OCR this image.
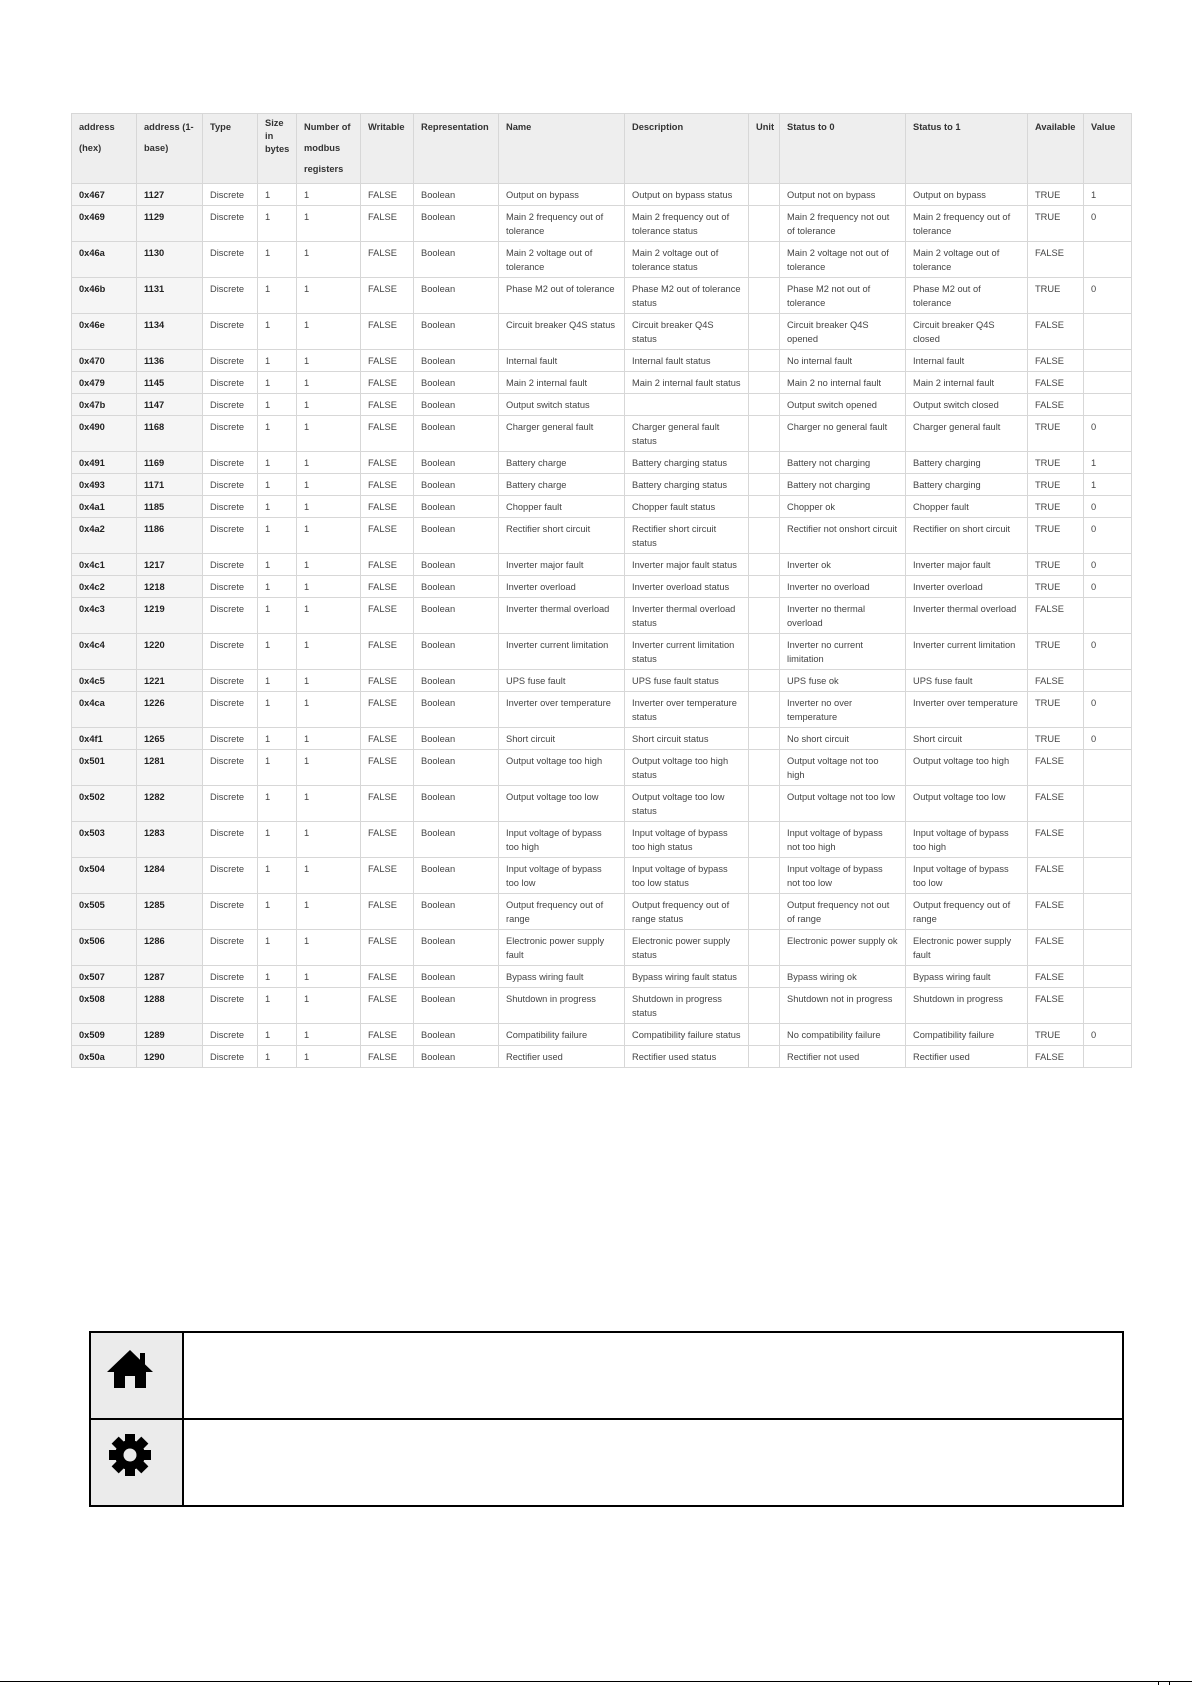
address (hex)	address (1-base)	Type	Size in bytes	Number of modbus registers	Writable	Representation	Name	Description	Unit	Status to 0	Status to 1	Available	Value
0x467	1127	Discrete	1	1	FALSE	Boolean	Output on bypass	Output on bypass status		Output not on bypass	Output on bypass	TRUE	1
0x469	1129	Discrete	1	1	FALSE	Boolean	Main 2 frequency out of tolerance	Main 2 frequency out of tolerance status		Main 2 frequency not out of tolerance	Main 2 frequency out of tolerance	TRUE	0
0x46a	1130	Discrete	1	1	FALSE	Boolean	Main 2 voltage out of tolerance	Main 2 voltage out of tolerance status		Main 2 voltage not out of tolerance	Main 2 voltage out of tolerance	FALSE	
0x46b	1131	Discrete	1	1	FALSE	Boolean	Phase M2 out of tolerance	Phase M2 out of tolerance status		Phase M2 not out of tolerance	Phase M2 out of tolerance	TRUE	0
0x46e	1134	Discrete	1	1	FALSE	Boolean	Circuit breaker Q4S status	Circuit breaker Q4S status		Circuit breaker Q4S opened	Circuit breaker Q4S closed	FALSE	
0x470	1136	Discrete	1	1	FALSE	Boolean	Internal fault	Internal fault status		No internal fault	Internal fault	FALSE	
0x479	1145	Discrete	1	1	FALSE	Boolean	Main 2 internal fault	Main 2 internal fault status		Main 2 no internal fault	Main 2 internal fault	FALSE	
0x47b	1147	Discrete	1	1	FALSE	Boolean	Output switch status			Output switch opened	Output switch closed	FALSE	
0x490	1168	Discrete	1	1	FALSE	Boolean	Charger general fault	Charger general fault status		Charger no general fault	Charger general fault	TRUE	0
0x491	1169	Discrete	1	1	FALSE	Boolean	Battery charge	Battery charging status		Battery not charging	Battery charging	TRUE	1
0x493	1171	Discrete	1	1	FALSE	Boolean	Battery charge	Battery charging status		Battery not charging	Battery charging	TRUE	1
0x4a1	1185	Discrete	1	1	FALSE	Boolean	Chopper fault	Chopper fault status		Chopper ok	Chopper fault	TRUE	0
0x4a2	1186	Discrete	1	1	FALSE	Boolean	Rectifier short circuit	Rectifier short circuit status		Rectifier not onshort circuit	Rectifier on short circuit	TRUE	0
0x4c1	1217	Discrete	1	1	FALSE	Boolean	Inverter major fault	Inverter major fault status		Inverter ok	Inverter major fault	TRUE	0
0x4c2	1218	Discrete	1	1	FALSE	Boolean	Inverter overload	Inverter overload status		Inverter no overload	Inverter overload	TRUE	0
0x4c3	1219	Discrete	1	1	FALSE	Boolean	Inverter thermal overload	Inverter thermal overload status		Inverter no thermal overload	Inverter thermal overload	FALSE	
0x4c4	1220	Discrete	1	1	FALSE	Boolean	Inverter current limitation	Inverter current limitation status		Inverter no current limitation	Inverter current limitation	TRUE	0
0x4c5	1221	Discrete	1	1	FALSE	Boolean	UPS fuse fault	UPS fuse fault status		UPS fuse ok	UPS fuse fault	FALSE	
0x4ca	1226	Discrete	1	1	FALSE	Boolean	Inverter over temperature	Inverter over temperature status		Inverter no over temperature	Inverter over temperature	TRUE	0
0x4f1	1265	Discrete	1	1	FALSE	Boolean	Short circuit	Short circuit status		No short circuit	Short circuit	TRUE	0
0x501	1281	Discrete	1	1	FALSE	Boolean	Output voltage too high	Output voltage too high status		Output voltage not too high	Output voltage too high	FALSE	
0x502	1282	Discrete	1	1	FALSE	Boolean	Output voltage too low	Output voltage too low status		Output voltage not too low	Output voltage too low	FALSE	
0x503	1283	Discrete	1	1	FALSE	Boolean	Input voltage of bypass too high	Input voltage of bypass too high status		Input voltage of bypass not too high	Input voltage of bypass too high	FALSE	
0x504	1284	Discrete	1	1	FALSE	Boolean	Input voltage of bypass too low	Input voltage of bypass too low status		Input voltage of bypass not too low	Input voltage of bypass too low	FALSE	
0x505	1285	Discrete	1	1	FALSE	Boolean	Output frequency out of range	Output frequency out of range status		Output frequency not out of range	Output frequency out of range	FALSE	
0x506	1286	Discrete	1	1	FALSE	Boolean	Electronic power supply fault	Electronic power supply status		Electronic power supply ok	Electronic power supply fault	FALSE	
0x507	1287	Discrete	1	1	FALSE	Boolean	Bypass wiring fault	Bypass wiring fault status		Bypass wiring ok	Bypass wiring fault	FALSE	
0x508	1288	Discrete	1	1	FALSE	Boolean	Shutdown in progress	Shutdown in progress status		Shutdown not in progress	Shutdown in progress	FALSE	
0x509	1289	Discrete	1	1	FALSE	Boolean	Compatibility failure	Compatibility failure status		No compatibility failure	Compatibility failure	TRUE	0
0x50a	1290	Discrete	1	1	FALSE	Boolean	Rectifier used	Rectifier used status		Rectifier not used	Rectifier used	FALSE	
